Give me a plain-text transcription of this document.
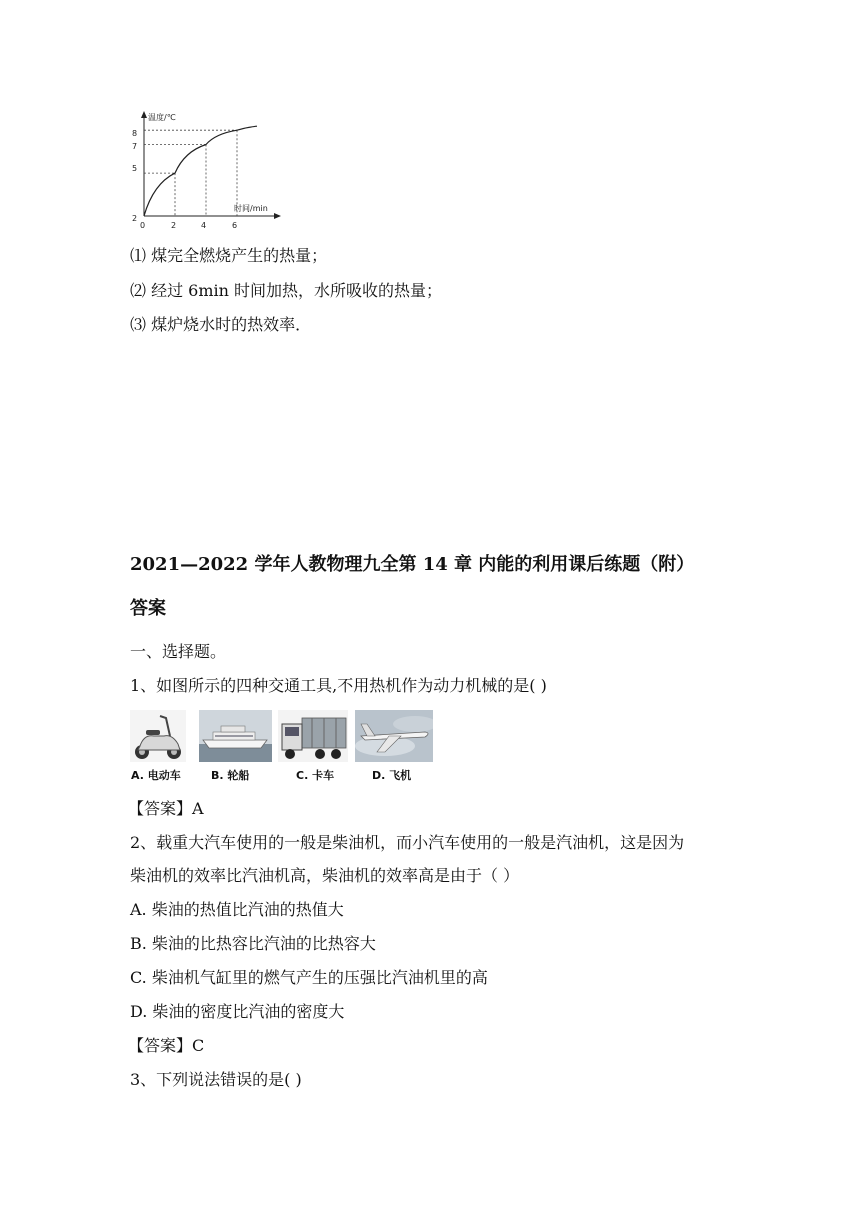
温度/℃
时间/min
8
7
5
2
0	2	4	6
⑴ 煤完全燃烧产生的热量；
⑵ 经过 6min 时间加热，水所吸收的热量；
⑶ 煤炉烧水时的热效率．
2021—2022 学年人教物理九全第 14 章 内能的利用课后练题（附）
答案
一、选择题。
1、如图所示的四种交通工具,不用热机作为动力机械的是( )
A. 电动车	B. 轮船	C. 卡车	D. 飞机
【答案】A
2、载重大汽车使用的一般是柴油机，而小汽车使用的一般是汽油机，这是因为
柴油机的效率比汽油机高，柴油机的效率高是由于（ ）
A. 柴油的热值比汽油的热值大
B. 柴油的比热容比汽油的比热容大
C. 柴油机气缸里的燃气产生的压强比汽油机里的高
D. 柴油的密度比汽油的密度大
【答案】C
3、下列说法错误的是( )
